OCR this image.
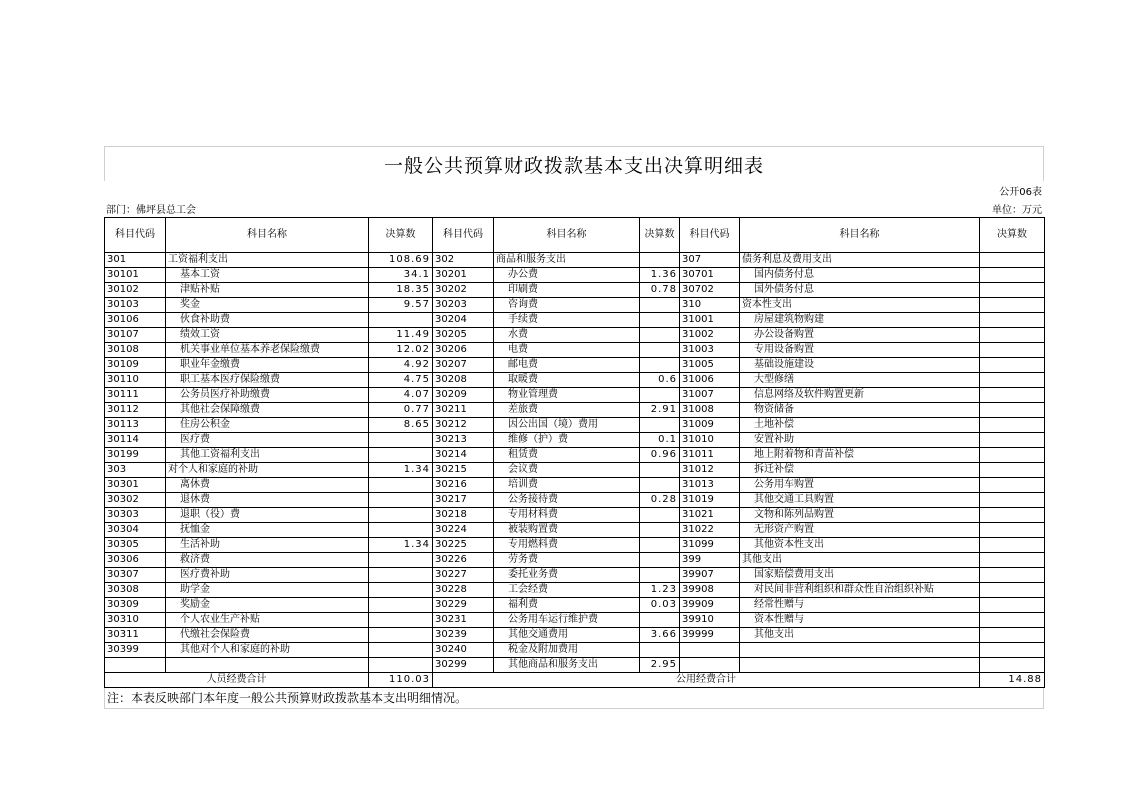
一般公共预算财政拨款基本支出决算明细表
公开06表
部门：佛坪县总工会	单位：万元
科目代码	科目名称	决算数	科目代码	科目名称	决算数	科目代码	科目名称	决算数
301	工资福利支出	108.69	302	商品和服务支出		307	债务利息及费用支出	
30101	基本工资	34.1	30201	办公费	1.36	30701	国内债务付息	
30102	津贴补贴	18.35	30202	印刷费	0.78	30702	国外债务付息	
30103	奖金	9.57	30203	咨询费		310	资本性支出	
30106	伙食补助费		30204	手续费		31001	房屋建筑物购建	
30107	绩效工资	11.49	30205	水费		31002	办公设备购置	
30108	机关事业单位基本养老保险缴费	12.02	30206	电费		31003	专用设备购置	
30109	职业年金缴费	4.92	30207	邮电费		31005	基础设施建设	
30110	职工基本医疗保险缴费	4.75	30208	取暖费	0.6	31006	大型修缮	
30111	公务员医疗补助缴费	4.07	30209	物业管理费		31007	信息网络及软件购置更新	
30112	其他社会保障缴费	0.77	30211	差旅费	2.91	31008	物资储备	
30113	住房公积金	8.65	30212	因公出国（境）费用		31009	土地补偿	
30114	医疗费		30213	维修（护）费	0.1	31010	安置补助	
30199	其他工资福利支出		30214	租赁费	0.96	31011	地上附着物和青苗补偿	
303	对个人和家庭的补助	1.34	30215	会议费		31012	拆迁补偿	
30301	离休费		30216	培训费		31013	公务用车购置	
30302	退休费		30217	公务接待费	0.28	31019	其他交通工具购置	
30303	退职（役）费		30218	专用材料费		31021	文物和陈列品购置	
30304	抚恤金		30224	被装购置费		31022	无形资产购置	
30305	生活补助	1.34	30225	专用燃料费		31099	其他资本性支出	
30306	救济费		30226	劳务费		399	其他支出	
30307	医疗费补助		30227	委托业务费		39907	国家赔偿费用支出	
30308	助学金		30228	工会经费	1.23	39908	对民间非营利组织和群众性自治组织补贴	
30309	奖励金		30229	福利费	0.03	39909	经常性赠与	
30310	个人农业生产补贴		30231	公务用车运行维护费		39910	资本性赠与	
30311	代缴社会保险费		30239	其他交通费用	3.66	39999	其他支出	
30399	其他对个人和家庭的补助		30240	税金及附加费用				
			30299	其他商品和服务支出	2.95			
人员经费合计		110.03	公用经费合计					14.88
注：本表反映部门本年度一般公共预算财政拨款基本支出明细情况。
